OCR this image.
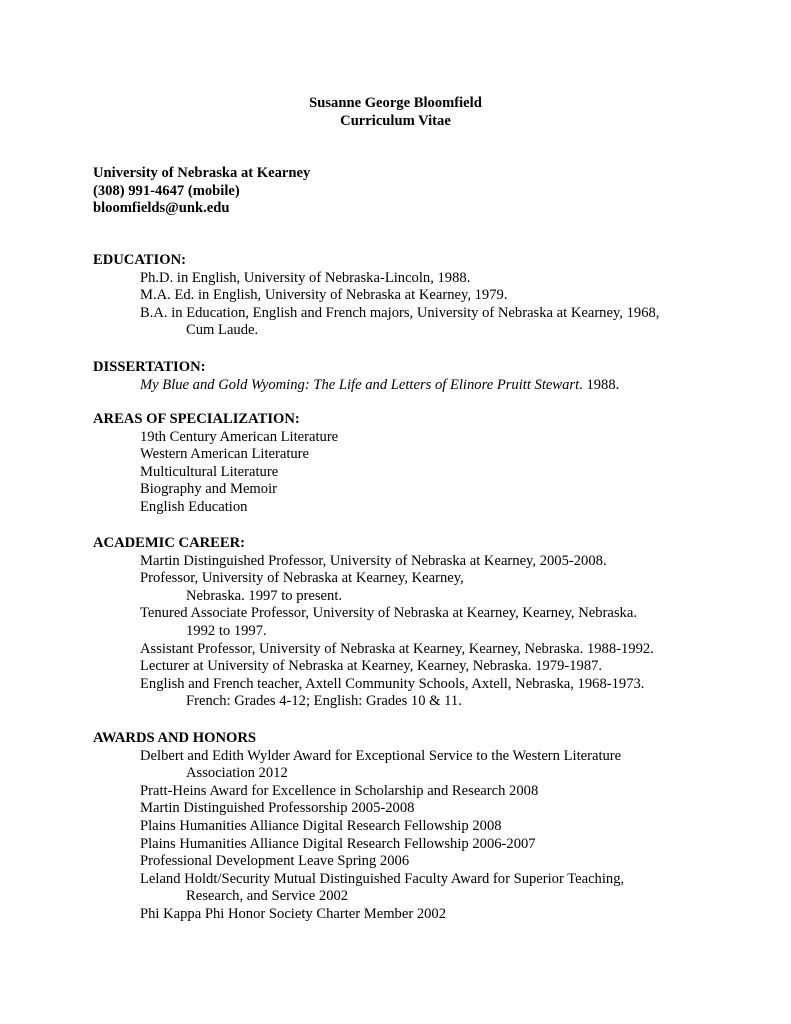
Susanne George Bloomfield
Curriculum Vitae
University of Nebraska at Kearney
(308) 991-4647 (mobile)
bloomfields@unk.edu
EDUCATION:
Ph.D. in English, University of Nebraska-Lincoln, 1988.
M.A. Ed. in English, University of Nebraska at Kearney, 1979.
B.A. in Education, English and French majors, University of Nebraska at Kearney, 1968,
Cum Laude.
DISSERTATION:
My Blue and Gold Wyoming: The Life and Letters of Elinore Pruitt Stewart. 1988.
AREAS OF SPECIALIZATION:
19th Century American Literature
Western American Literature
Multicultural Literature
Biography and Memoir
English Education
ACADEMIC CAREER:
Martin Distinguished Professor, University of Nebraska at Kearney, 2005-2008.
Professor, University of Nebraska at Kearney, Kearney,
Nebraska. 1997 to present.
Tenured Associate Professor, University of Nebraska at Kearney, Kearney, Nebraska.
1992 to 1997.
Assistant Professor, University of Nebraska at Kearney, Kearney, Nebraska. 1988-1992.
Lecturer at University of Nebraska at Kearney, Kearney, Nebraska. 1979-1987.
English and French teacher, Axtell Community Schools, Axtell, Nebraska, 1968-1973.
French: Grades 4-12; English: Grades 10 & 11.
AWARDS AND HONORS
Delbert and Edith Wylder Award for Exceptional Service to the Western Literature
Association 2012
Pratt-Heins Award for Excellence in Scholarship and Research 2008
Martin Distinguished Professorship 2005-2008
Plains Humanities Alliance Digital Research Fellowship 2008
Plains Humanities Alliance Digital Research Fellowship 2006-2007
Professional Development Leave Spring 2006
Leland Holdt/Security Mutual Distinguished Faculty Award for Superior Teaching,
Research, and Service 2002
Phi Kappa Phi Honor Society Charter Member 2002
